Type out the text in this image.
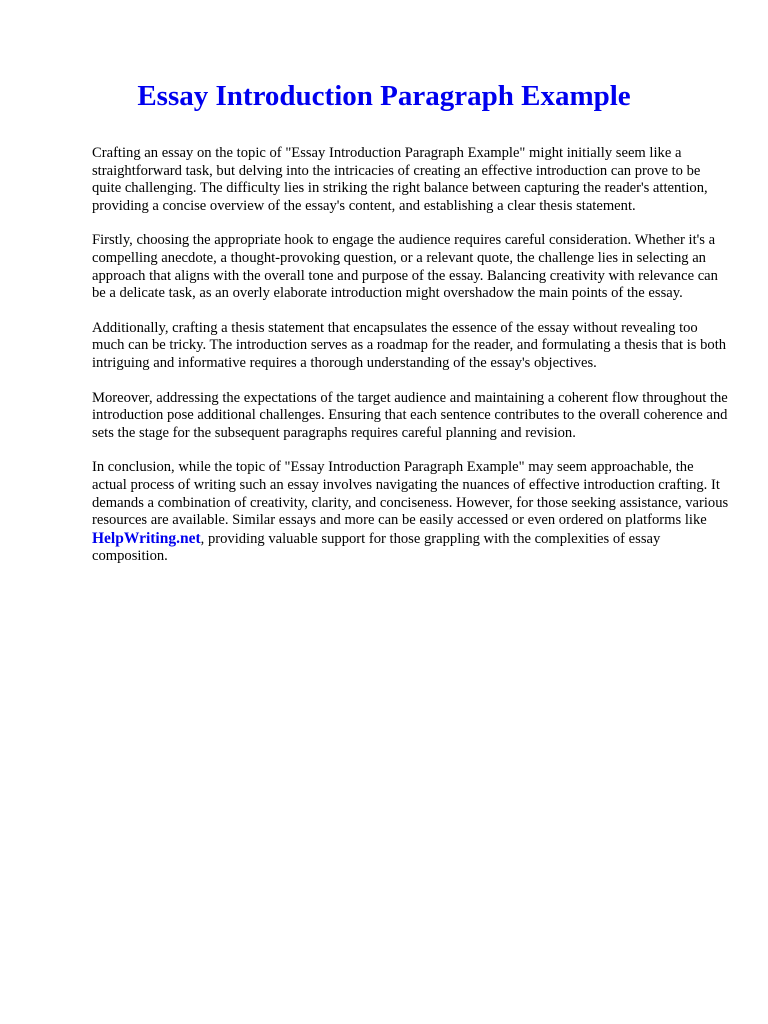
Essay Introduction Paragraph Example

Crafting an essay on the topic of "Essay Introduction Paragraph Example" might initially seem like a straightforward task, but delving into the intricacies of creating an effective introduction can prove to be quite challenging. The difficulty lies in striking the right balance between capturing the reader's attention, providing a concise overview of the essay's content, and establishing a clear thesis statement.

Firstly, choosing the appropriate hook to engage the audience requires careful consideration. Whether it's a compelling anecdote, a thought-provoking question, or a relevant quote, the challenge lies in selecting an approach that aligns with the overall tone and purpose of the essay. Balancing creativity with relevance can be a delicate task, as an overly elaborate introduction might overshadow the main points of the essay.

Additionally, crafting a thesis statement that encapsulates the essence of the essay without revealing too much can be tricky. The introduction serves as a roadmap for the reader, and formulating a thesis that is both intriguing and informative requires a thorough understanding of the essay's objectives.

Moreover, addressing the expectations of the target audience and maintaining a coherent flow throughout the introduction pose additional challenges. Ensuring that each sentence contributes to the overall coherence and sets the stage for the subsequent paragraphs requires careful planning and revision.

In conclusion, while the topic of "Essay Introduction Paragraph Example" may seem approachable, the actual process of writing such an essay involves navigating the nuances of effective introduction crafting. It demands a combination of creativity, clarity, and conciseness. However, for those seeking assistance, various resources are available. Similar essays and more can be easily accessed or even ordered on platforms like HelpWriting.net, providing valuable support for those grappling with the complexities of essay composition.
